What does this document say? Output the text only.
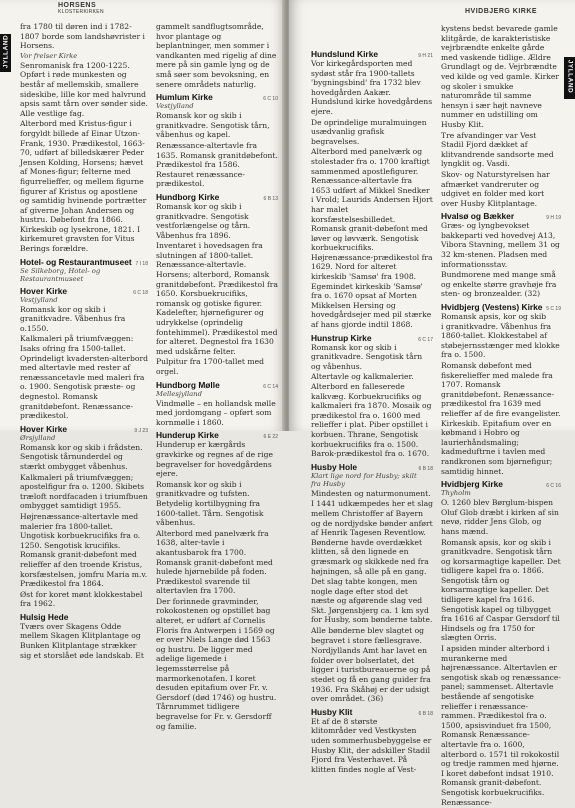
HORSENS
KLOSTERKIRKEN
JYLLAND

fra 1780 til døren ind i 1782-1807 borde som landshøvrister i Horsens.

Vor frelser Kirke

Senromanisk fra 1200-1225. Opført i røde munkesten og består af mellemskib, smallere sideskibe, lille kor med halvrund apsis samt tårn over sønder side. Alle vestlige fag.

Alterbord med Kristus-figur i forgyldt billede af Einar Utzon-Frank, 1930. Prædikestol, 1663-70, udført af billedskærer Peder Jensen Kolding, Horsens; hævet af Mones-figur; felterne med figurrelieffer, og mellem figurne figurer af Kristus og apostlene og samtidig hvinende portrætter af giverne Johan Andersen og hustru. Døbefont fra 1866. Kirkeskib og lysekrone, 1821. I kirkemuret gravsten for Vitus Berings forældre.

7 I 18
Hotel- og Restaurantmuseet

Se Silkeborg, Hotel- og Restaurantmuseet

6 C 18
Hover Kirke

Vestjylland

Romansk kor og skib i granitkvadre. Våbenhus fra o.1550.

Kalkmaleri på triumfvæggen: Isaks ofring fra 1500-tallet. Oprindeligt kvadersten-alterbord med altertavle med rester af renæssancetavle med maleri fra o. 1900. Sengotisk præste- og degnestol. Romansk granitdøbefont. Renæssance-prædikestol.

9 J 23
Hover Kirke

Ørsjylland

Romansk kor og skib i frådsten. Sengotisk tårnunderdel og stærkt ombygget våbenhus.

Kalkmaleri på triumfvæggen; apostelfigur fra o. 1200. Skibets træloft nordfacaden i triumfbuen ombygget samtidigt 1955.

Højrenæssance-altertavle med malerier fra 1800-tallet. Ungotisk korbuekrucifiks fra o. 1250. Sengotisk krucifiks. Romansk granit-døbefont med relieffer af den troende Kristus, korsfæstelsen, jomfru Maria m.v. Prædikestol fra 1864.

Øst for koret mønt klokkestabel fra 1962.

Hulsig Hede

Tværs over Skagens Odde mellem Skagen Klitplantage og Bunken Klitplantage strækker sig et storslået øde landskab. Et

gammelt sandflugtsområde, hvor plantage og beplantninger, men sommer i vandkanten med rigelig af dine mere på sin gamle lyng og de små søer som bevoksning, en senere områdets naturlig.

6 C 10
Humlum Kirke

Vestjylland

Romansk kor og skib i granitkvadre. Sengotisk tårn, våbenhus og kapel.

Renæssance-altertavle fra 1635. Romansk granitdøbefont. Prædikestol fra 1586. Restauret renæssance-prædikestol.

6 B 13
Hundborg Kirke

Romansk kor og skib i granitkvadre. Sengotisk vestforlængelse og tårn. Våbenhus fra 1896.

Inventaret i hovedsagen fra slutningen af 1800-tallet. Renæssance-altertavle. Horsens; alterbord, Romansk granitdøbefont. Prædikestol fra 1650. Korsbuekrucifiks, romansk og gotiske figurer. Kadelefter, hjørnefigurer og udrykkelse (oprindelig fontehimmel). Prædikestol med for alteret. Degnestol fra 1630 med udskårne felter.

Pulpitur fra 1700-tallet med orgel.

6 C 14
Hundborg Mølle

Mellesjylland

Vindmølle – en hollandsk mølle med jordomgang – opført som kornmølle i 1860.

6 E 22
Hunderup Kirke

Hunderup er kærgårds gravkirke og regnes af de rige begravelser for hovedgårdens ejere.

Romansk kor og skib i granitkvadre og tufsten. Betydelig kortilbygning fra 1600-tallet. Tårn. Sengotisk våbenhus.

Alterbord med panelværk fra 1638, alter-tavle i akantusbarok fra 1700. Romansk granit-døbefont med hulede hjørnebilde på foden. Prædikestol svarende til altertavlen fra 1700.

Der forinnede gravminder, rokokostenen og opstillet bag alteret, er udført af Cornelis Floris fra Antwerpen i 1569 og er over Niels Lange død 1563 og hustru. De ligger med adelige ligemede i legemsstørrelse på marmorkenotafen. I koret desuden epitafium over Fr. v. Gersdorf (død 1746) og hustru. Tårnrummet tidligere begravelse for Fr. v. Gersdorff og familie.

HVIDBJERG KIRKE
JYLLAND
9 H 21
Hundslund Kirke

Vor kirkegårdsporten med sydøst står fra 1900-tallets 'bygningsbind' fra 1732 blev hovedgården Aakær. Hundslund kirke hovedgårdens ejere.

De oprindelige muralmuingen usædvanlig grafisk begravelses.

Alterbord med panelværk og stolestader fra o. 1700 kraftigt sammenmed apostlefigurer. Renæssance-altertavle fra 1653 udført af Mikkel Snedker i Vrold; Laurids Andersen Hjort har malet korsfæstelsesbilledet. Romansk granit-døbefont med løver og løvværk. Sengotisk korbuekrucifiks. Højrenæssance-prædikestol fra 1629. Nord for alteret kirkeskib 'Samsø' fra 1908. Egemindet kirkeskib 'Samsø' fra o. 1670 opsat af Morten Mikkelsen Hersing og hovedgårdsejer med pil stærke af hans gjorde indtil 1868.

6 C 17
Hunstrup Kirke

Romansk kor og skib i granitkvadre. Sengotisk tårn og våbenhus.

Altertavle og kalkmalerier. Alterbord en falleserede kalkvæg. Korbuekrucifiks og kalkmaleri fra 1870. Mosaik og prædikestol fra o. 1600 med relieffer i plat. Piber opstillet i korbuen. Thrane, Sengotisk korbuekrucifiks fra o. 1500. Barok-prædikestol fra o. 1670.

6 B 18
Husby Hole

Klart lige nord for Husby; skilt fra Husby

Mindesten og naturmonument.

I 1441 udkæmpedes her et slag mellem Christoffer af Bayern og de nordjydske bønder anført af Henrik Tagesen Reventlow. Bønderne havde overdækket klitten, så den lignede en græsmark og skikkede ned fra højningen, så alle på en gang.

Det slag tabte kongen, men nogle dage efter stod det næste og afgørende slag ved Skt. Jørgensbjerg ca. 1 km syd for Husby, som bønderne tabte.

Alle bønderne blev slagtet og begravet i store fællesgrave.

Nordjyllands Amt har lavet en folder over bolserlatet, det ligger i turistbureauerne og på stedet og få en gang guider fra 1936. Fra Skåhøj er der udsigt over området. (36)

6 B 18
Husby Klit

Et af de 8 største klitområder ved Vestkysten uden sommerhusbebyggelse er Husby Klit, der adskiller Stadil Fjord fra Vesterhavet. På klitten findes nogle af Vest-

kystens bedst bevarede gamle klitgårde, de karakteristiske vejrbrændte enkelte gårde med vaskende tidlige. Ældre Grundlagt og de. Vejrbrændte ved kilde og ved gamle. Kirker og skoler i smukke naturområde til samme hensyn i sær højt navneve nummer en udstilling om Husby Klit.

Tre afvandinger var Vest Stadil Fjord dækket af klitvandrende sandsorte med lyngklit og. Vasdi.

Skov- og Naturstyrelsen har afmærket vandreruter og udgivet en folder med kort over Husby Klitplantage.

9 H 19
Hvalsø og Bækker

Græs- og lyngbevokset bakkeparti ved hovedvej A13, Vibora Stavning, mellem 31 og 32 km-stenen. Pladsen med informationsstav.

Bundmorene med mange små og enkelte større gravhøje fra sten- og bronzealder. (32)

5 C 19
Hvidbjerg (Vestens) Kirke

Romansk apsis, kor og skib i granitkvadre. Våbenhus fra 1860-tallet. Klokkestabel af støbejernsstænger med klokke fra o. 1500.

Romansk døbefont med fiskerelieffer med malede fra 1707. Romansk granitdøbefont. Renæssance-prædikestol fra 1639 med relieffer af de fire evangelister. Kirkeskib. Epitafium over en købmand i Hobro og laurierhåndsmaling; kadmeduftrne i tavlen med randkronen som bjørnefigur; samtidig hinnet.

6 C 16
Hvidbjerg Kirke

Thyholm

O. 1260 blev Børglum-bispen Oluf Glob dræbt i kirken af sin nevø, ridder Jens Glob, og hans mænd.

Romansk apsis, kor og skib i granitkvadre. Sengotisk tårn og korsarmagtige kapeller. Det tidligere kapel fra o. 1866. Sengotisk tårn og korsarmagtige kapeller. Det tidligere kapel fra 1616. Sengotisk kapel og tilbygget fra 1616 af Caspar Gersdorf til Hindsels og fra 1750 for slægten Orris.

I apsiden minder alterbord i murankerne med højrenæssance. Altertavlen er sengotisk skab og renæssance-panel; sammenset. Altertavle bestående af sengotiske relieffer i renæssance-rammen. Prædikestol fra o. 1500, apsisvinduet fra 1500, Romansk Renæssance-altertavle fra o. 1600, alterbord o. 1571 til rokokostil og tredje rammen med hjørne. I koret døbefont indsat 1910. Romansk granit-døbefont. Sengotisk korbuekrucifiks. Renæssance-
